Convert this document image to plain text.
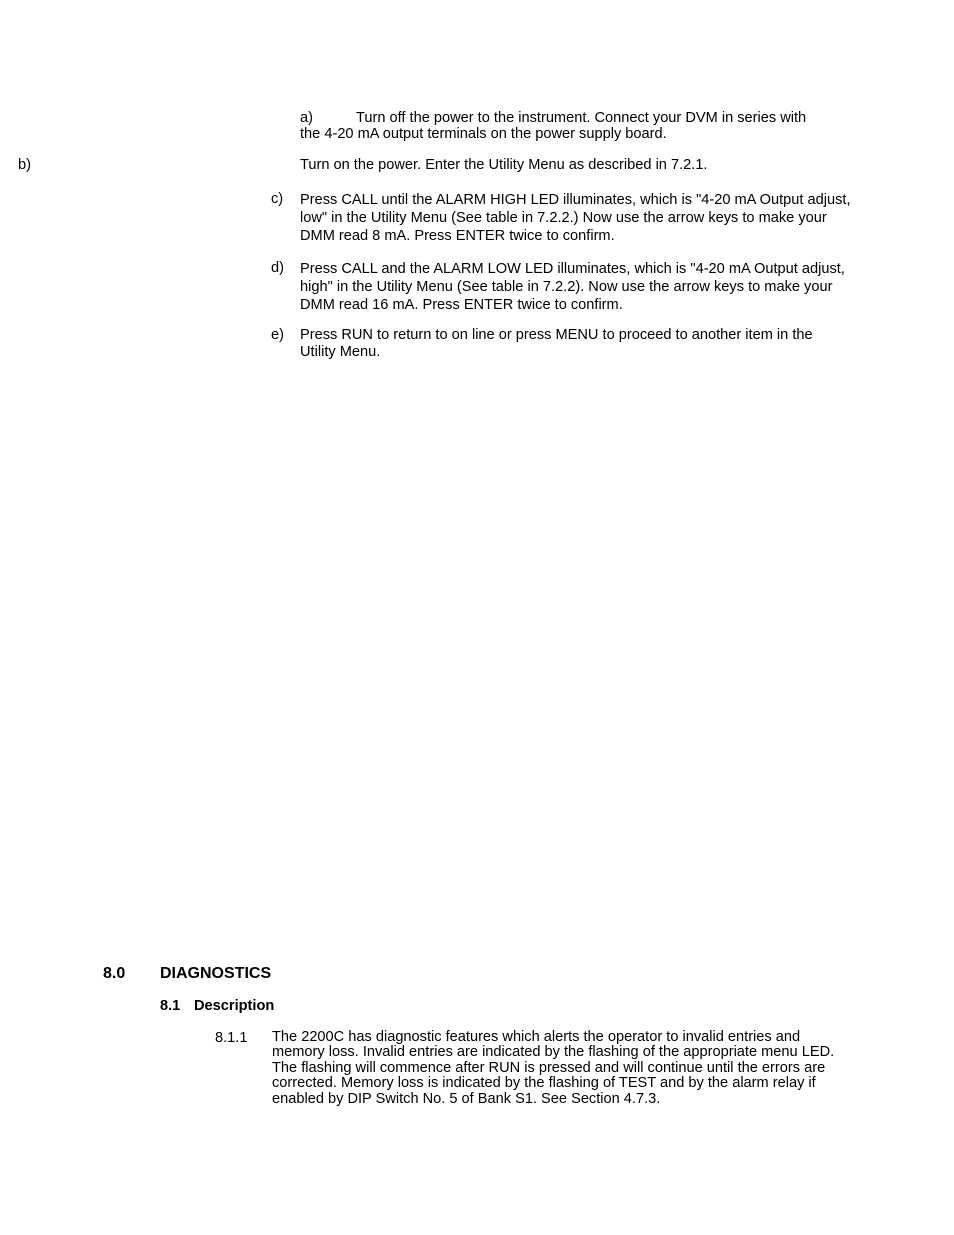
a)	Turn off the power to the instrument. Connect your DVM in series with
the 4-20 mA output terminals on the power supply board.
b)	Turn on the power. Enter the Utility Menu as described in 7.2.1.
c) Press CALL until the ALARM HIGH LED illuminates, which is "4-20 mA Output adjust, low" in the Utility Menu (See table in 7.2.2.) Now use the arrow keys to make your DMM read 8 mA. Press ENTER twice to confirm.
d) Press CALL and the ALARM LOW LED illuminates, which is "4-20 mA Output adjust, high" in the Utility Menu (See table in 7.2.2). Now use the arrow keys to make your DMM read 16 mA. Press ENTER twice to confirm.
e) Press RUN to return to on line or press MENU to proceed to another item in the Utility Menu.
8.0 DIAGNOSTICS
8.1 Description
8.1.1 The 2200C has diagnostic features which alerts the operator to invalid entries and memory loss. Invalid entries are indicated by the flashing of the appropriate menu LED. The flashing will commence after RUN is pressed and will continue until the errors are corrected. Memory loss is indicated by the flashing of TEST and by the alarm relay if enabled by DIP Switch No. 5 of Bank S1. See Section 4.7.3.
